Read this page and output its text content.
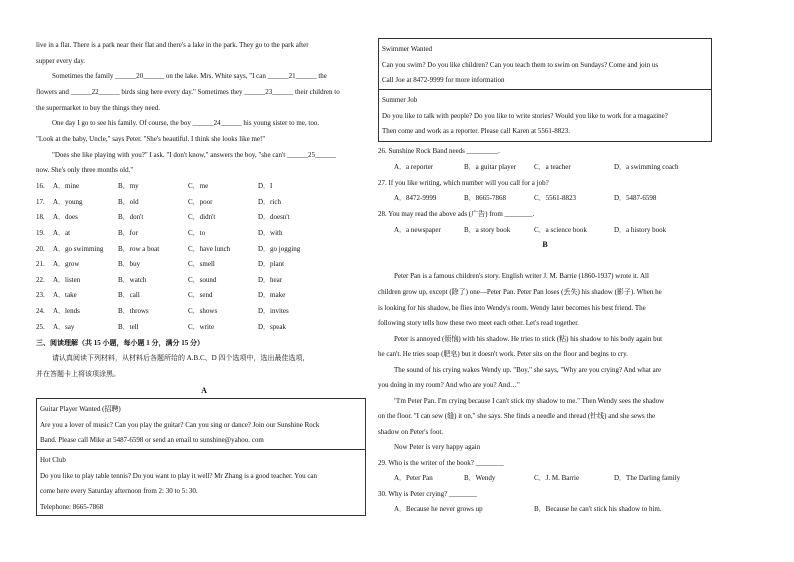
live in a flat. There is a park near their flat and there's a lake in the park. They go to the park after
supper every day.
Sometimes the family ______20______ on the lake. Mrs. White says, "I can ______21______ the
flowers and ______22______ birds sing here every day." Sometimes they ______23______ their children to
the supermarket to buy the things they need.
One day I go to see his family. Of course, the boy ______24______ his young sister to me, too.
"Look at the baby, Uncle," says Peter. "She's beautiful. I think she looks like me!"
"Does she like playing with you?" I ask. "I don't know," answers the boy, "she can't ______25______
now. She's only three months old."
16. A．mine	B．my	C．me	D．I
17. A．young	B．old	C．poor	D．rich
18. A．does	B．don't	C．didn't	D．doesn't
19. A．at	B．for	C．to	D．with
20. A．go swimming B．row a boat	C．have lunch	D．go jogging
21. A．grow	B．buy	C．smell	D．plant
22. A．listen	B．watch	C．sound	D．hear
23. A．take	B．call	C．send	D．make
24. A．lends	B．throws	C．shows	D．invites
25. A．say	B．tell	C．write	D．speak
三、阅读理解（共 15 小题，每小题 1 分，满分 15 分）
请认真阅读下列材料，从材料后各题所给的 A.B.C、D 四个选项中，选出最佳选项，
并在答题卡上将该项涂黑。
A
Guitar Player Wanted (招聘)
Are you a lover of music? Can you play the guitar? Can you sing or dance? Join our Sunshine Rock
Band. Please call Mike at 5487-6598 or send an email to sunshine@yahoo. com
Hot Club
Do you like to play table tennis? Do you want to play it well? Mr Zhang is a good teacher. You can
come here every Saturday afternoon from 2: 30 to 5: 30.
Telephone: 8665-7868
Swimmer Wanted
Can you swim? Do you like children? Can you teach them to swim on Sundays? Come and join us
Call Joe at 8472-9999 for more information
Summer Job
Do you like to talk with people? Do you like to write stories? Would you like to work for a magazine?
Then come and work as a reporter. Please call Karen at 5561-8823.
26. Sunshine Rock Band needs _________.
A．a reporter	B．a guitar player	C．a teacher	D．a swimming coach
27. If you like writing, which number will you call for a job?
A．8472-9999	B．8665-7868	C．5561-8823	D．5487-6598
28. You may read the above ads (广告) from ________.
A．a newspaper	B．a story book	C．a science book	D．a history book
B
Peter Pan is a famous children's story. English writer J. M. Barrie (1860-1937) wrote it. All
children grow up, except (除了) one—Peter Pan. Peter Pan loses (丢失) his shadow (影子). When he
is looking for his shadow, he flies into Wendy's room. Wendy later becomes his best friend. The
following story tells how these two meet each other. Let's read together.
Peter is annoyed (烦恼) with his shadow. He tries to stick (粘) his shadow to his body again but
he can't. He tries soap (肥皂) but it doesn't work. Peter sits on the floor and begins to cry.
The sound of his crying wakes Wendy up. "Boy," she says, "Why are you crying? And what are
you doing in my room? And who are you? And…"
"I'm Peter Pan. I'm crying because I can't stick my shadow to me." Then Wendy sees the shadow
on the floor. "I can sew (缝) it on," she says. She finds a needle and thread (针线) and she sews the
shadow on Peter's foot.
Now Peter is very happy again
29. Who is the writer of the book? ________
A．Peter Pan	B．Wendy	C．J. M. Barrie	D．The Darling family
30. Why is Peter crying? ________
A．Because he never grows up	B．Because he can't stick his shadow to him.
